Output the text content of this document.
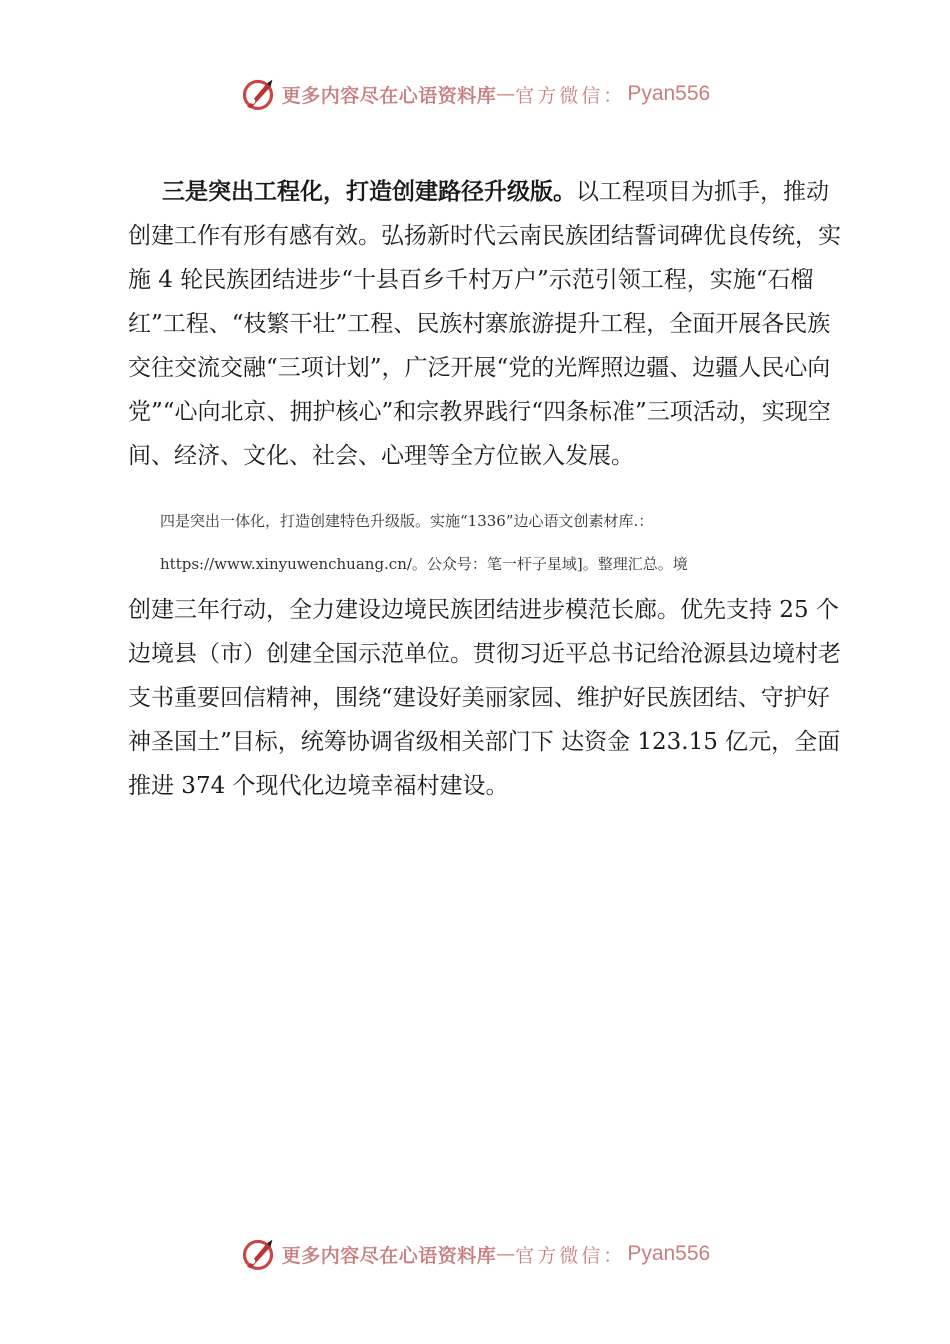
更多内容尽在心语资料库 — 官方微信： Pyan556

三是突出工程化，打造创建路径升级版。以工程项目为抓手，推动创建工作有形有感有效。弘扬新时代云南民族团结誓词碑优良传统，实施 4 轮民族团结进步“十县百乡千村万户”示范引领工程，实施“石榴红”工程、“枝繁干壮”工程、民族村寨旅游提升工程，全面开展各民族交往交流交融“三项计划”，广泛开展“党的光辉照边疆、边疆人民心向党”“心向北京、拥护核心”和宗教界践行“四条标准”三项活动，实现空间、经济、文化、社会、心理等全方位嵌入发展。

四是突出一体化，打造创建特色升级版。实施“1336”边心语文创素材库.：https://www.xinyuwenchuang.cn/。公众号：笔一杆子星域]。整理汇总。境

创建三年行动，全力建设边境民族团结进步模范长廊。优先支持 25 个边境县（市）创建全国示范单位。贯彻习近平总书记给沧源县边境村老支书重要回信精神，围绕“建设好美丽家园、维护好民族团结、守护好神圣国土”目标，统筹协调省级相关部门下 达资金 123.15 亿元，全面推进 374 个现代化边境幸福村建设。

更多内容尽在心语资料库 — 官方微信： Pyan556
